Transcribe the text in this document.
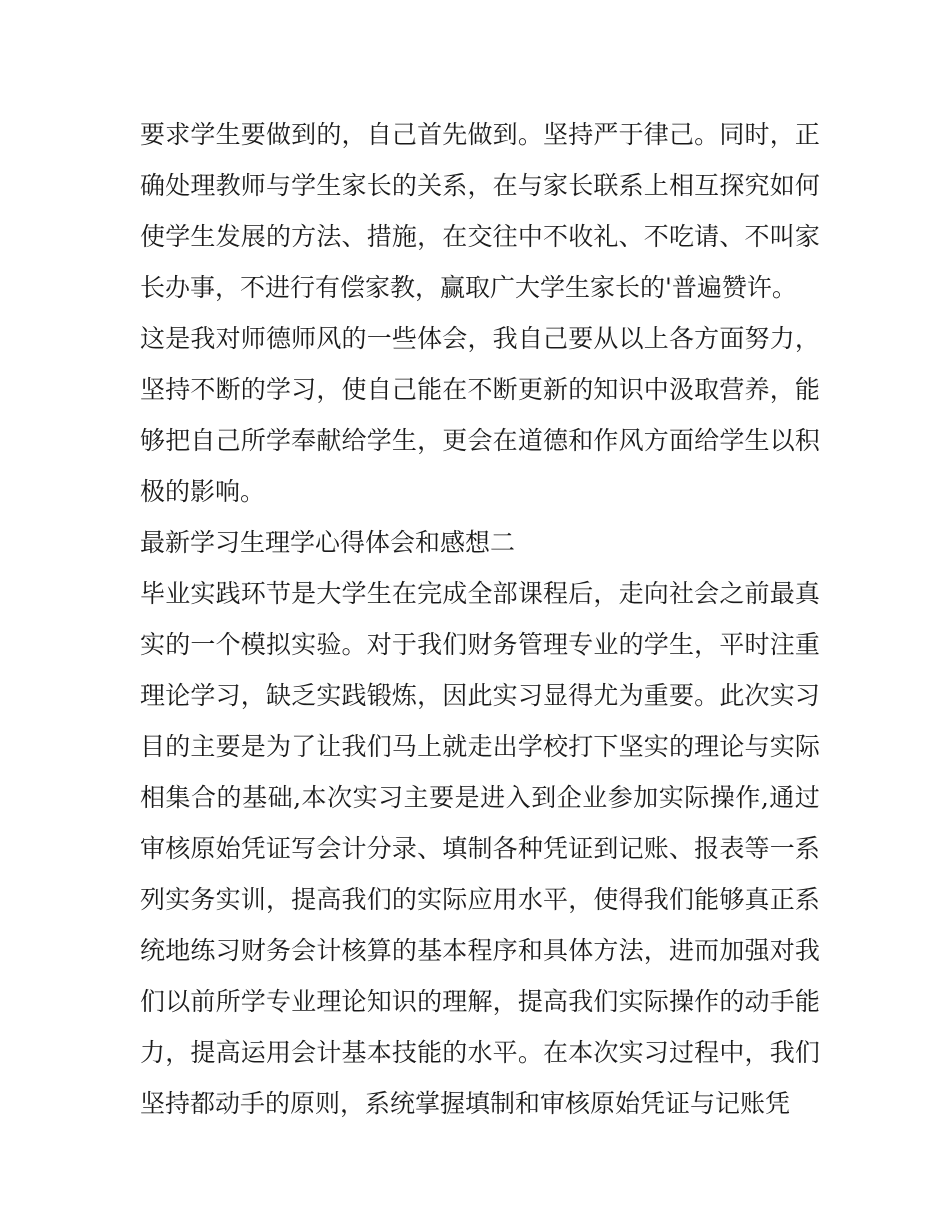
要 求 学 生 要 做 到 的 ， 自 己 首 先 做 到 。 坚 持 严 于 律 己 。 同 时 ， 正
确 处 理 教 师 与 学 生 家 长 的 关 系 ， 在 与 家 长 联 系 上 相 互 探 究 如 何
使 学 生 发 展 的 方 法 、 措 施 ， 在 交 往 中 不 收 礼 、 不 吃 请 、 不 叫 家
长办事，不进行有偿家教，赢取广大学生家长的'普遍赞许。
这 是 我 对 师 德 师 风 的 一 些 体 会 ， 我 自 己 要 从 以 上 各 方 面 努 力 ，
坚 持 不 断 的 学 习 ， 使 自 己 能 在 不 断 更 新 的 知 识 中 汲 取 营 养 ， 能
够 把 自 己 所 学 奉 献 给 学 生 ， 更 会 在 道 德 和 作 风 方 面 给 学 生 以 积
极的影响。
最新学习生理学心得体会和感想二
毕 业 实 践 环 节 是 大 学 生 在 完 成 全 部 课 程 后 ， 走 向 社 会 之 前 最 真
实 的 一 个 模 拟 实 验 。 对 于 我 们 财 务 管 理 专 业 的 学 生 ， 平 时 注 重
理 论 学 习 ， 缺 乏 实 践 锻 炼 ， 因 此 实 习 显 得 尤 为 重 要 。 此 次 实 习
目 的 主 要 是 为 了 让 我 们 马 上 就 走 出 学 校 打 下 坚 实 的 理 论 与 实 际
相 集 合 的 基 础 , 本 次 实 习 主 要 是 进 入 到 企 业 参 加 实 际 操 作 , 通 过
审 核 原 始 凭 证 写 会 计 分 录 、 填 制 各 种 凭 证 到 记 账 、 报 表 等 一 系
列 实 务 实 训 ， 提 高 我 们 的 实 际 应 用 水 平 ， 使 得 我 们 能 够 真 正 系
统 地 练 习 财 务 会 计 核 算 的 基 本 程 序 和 具 体 方 法 ， 进 而 加 强 对 我
们 以 前 所 学 专 业 理 论 知 识 的 理 解 ， 提 高 我 们 实 际 操 作 的 动 手 能
力 ， 提 高 运 用 会 计 基 本 技 能 的 水 平 。 在 本 次 实 习 过 程 中 ， 我 们
坚持都动手的原则，系统掌握填制和审核原始凭证与记账凭
